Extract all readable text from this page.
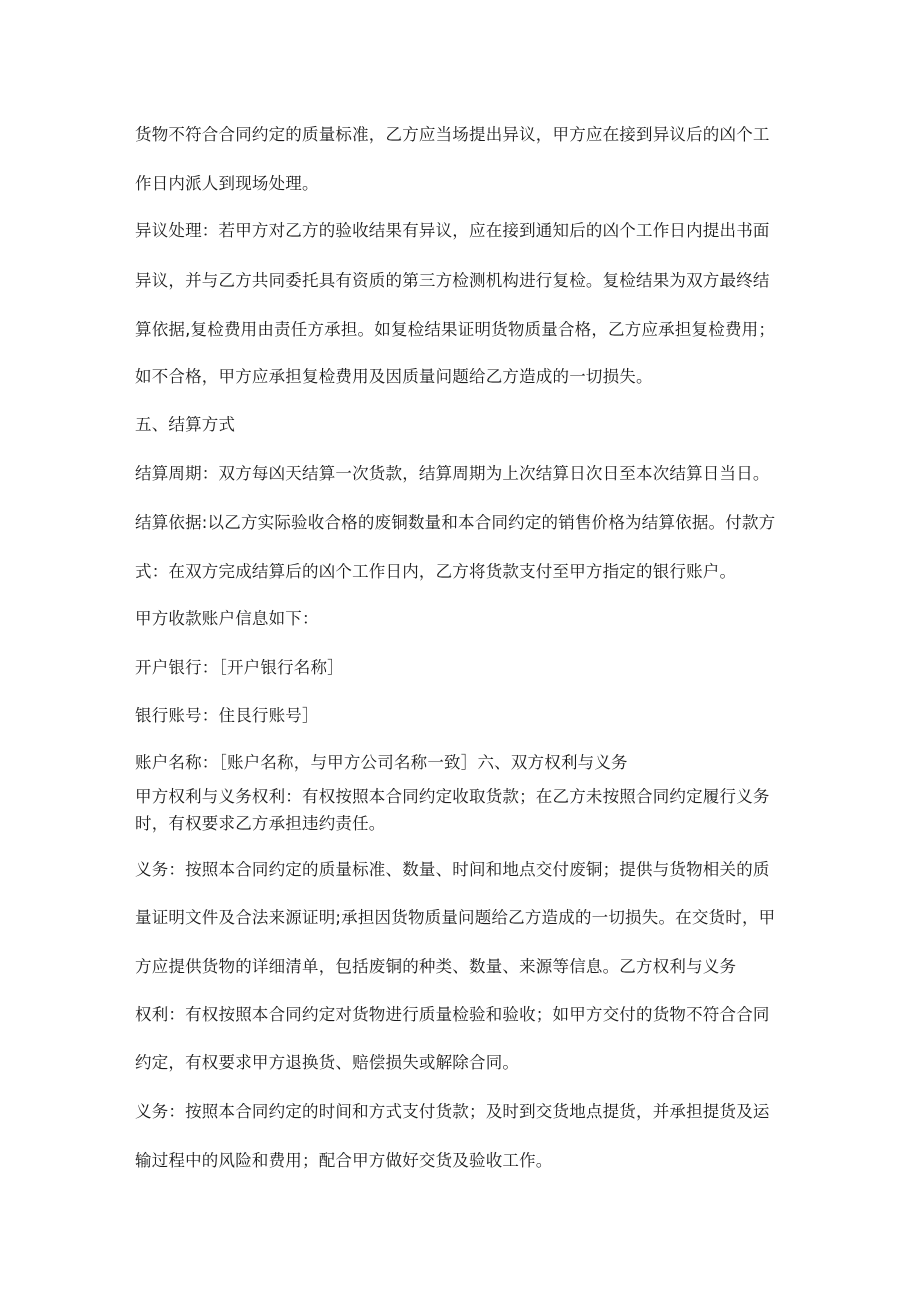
货物不符合合同约定的质量标准，乙方应当场提出异议，甲方应在接到异议后的凶个工
作日内派人到现场处理。
异议处理：若甲方对乙方的验收结果有异议，应在接到通知后的凶个工作日内提出书面
异议，并与乙方共同委托具有资质的第三方检测机构进行复检。复检结果为双方最终结
算依据,复检费用由责任方承担。如复检结果证明货物质量合格，乙方应承担复检费用；
如不合格，甲方应承担复检费用及因质量问题给乙方造成的一切损失。
五、结算方式
结算周期：双方每凶天结算一次货款，结算周期为上次结算日次日至本次结算日当日。
结算依据:以乙方实际验收合格的废铜数量和本合同约定的销售价格为结算依据。付款方
式：在双方完成结算后的凶个工作日内，乙方将货款支付至甲方指定的银行账户。
甲方收款账户信息如下：
开户银行：［开户银行名称］
银行账号：住艮行账号］
账户名称：［账户名称，与甲方公司名称一致］六、双方权利与义务
甲方权利与义务权利：有权按照本合同约定收取货款；在乙方未按照合同约定履行义务
时，有权要求乙方承担违约责任。
义务：按照本合同约定的质量标准、数量、时间和地点交付废铜；提供与货物相关的质
量证明文件及合法来源证明;承担因货物质量问题给乙方造成的一切损失。在交货时，甲
方应提供货物的详细清单，包括废铜的种类、数量、来源等信息。乙方权利与义务
权利：有权按照本合同约定对货物进行质量检验和验收；如甲方交付的货物不符合合同
约定，有权要求甲方退换货、赔偿损失或解除合同。
义务：按照本合同约定的时间和方式支付货款；及时到交货地点提货，并承担提货及运
输过程中的风险和费用；配合甲方做好交货及验收工作。
